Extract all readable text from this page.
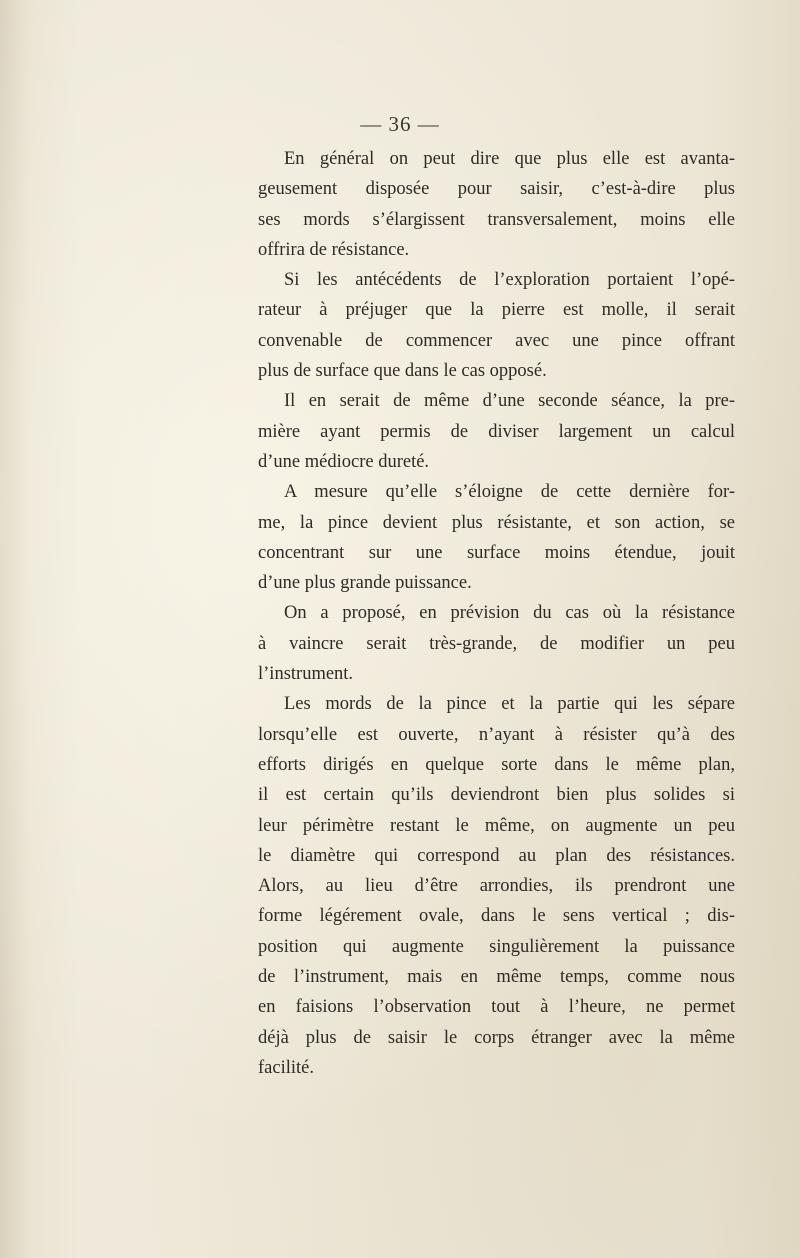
— 36 —
En général on peut dire que plus elle est avanta-
geusement disposée pour saisir, c’est-à-dire plus
ses mords s’élargissent transversalement, moins elle
offrira de résistance.
Si les antécédents de l’exploration portaient l’opé-
rateur à préjuger que la pierre est molle, il serait
convenable de commencer avec une pince offrant
plus de surface que dans le cas opposé.
Il en serait de même d’une seconde séance, la pre-
mière ayant permis de diviser largement un calcul
d’une médiocre dureté.
A mesure qu’elle s’éloigne de cette dernière for-
me, la pince devient plus résistante, et son action, se
concentrant sur une surface moins étendue, jouit
d’une plus grande puissance.
On a proposé, en prévision du cas où la résistance
à vaincre serait très-grande, de modifier un peu
l’instrument.
Les mords de la pince et la partie qui les sépare
lorsqu’elle est ouverte, n’ayant à résister qu’à des
efforts dirigés en quelque sorte dans le même plan,
il est certain qu’ils deviendront bien plus solides si
leur périmètre restant le même, on augmente un peu
le diamètre qui correspond au plan des résistances.
Alors, au lieu d’être arrondies, ils prendront une
forme légérement ovale, dans le sens vertical ; dis-
position qui augmente singulièrement la puissance
de l’instrument, mais en même temps, comme nous
en faisions l’observation tout à l’heure, ne permet
déjà plus de saisir le corps étranger avec la même
facilité.
